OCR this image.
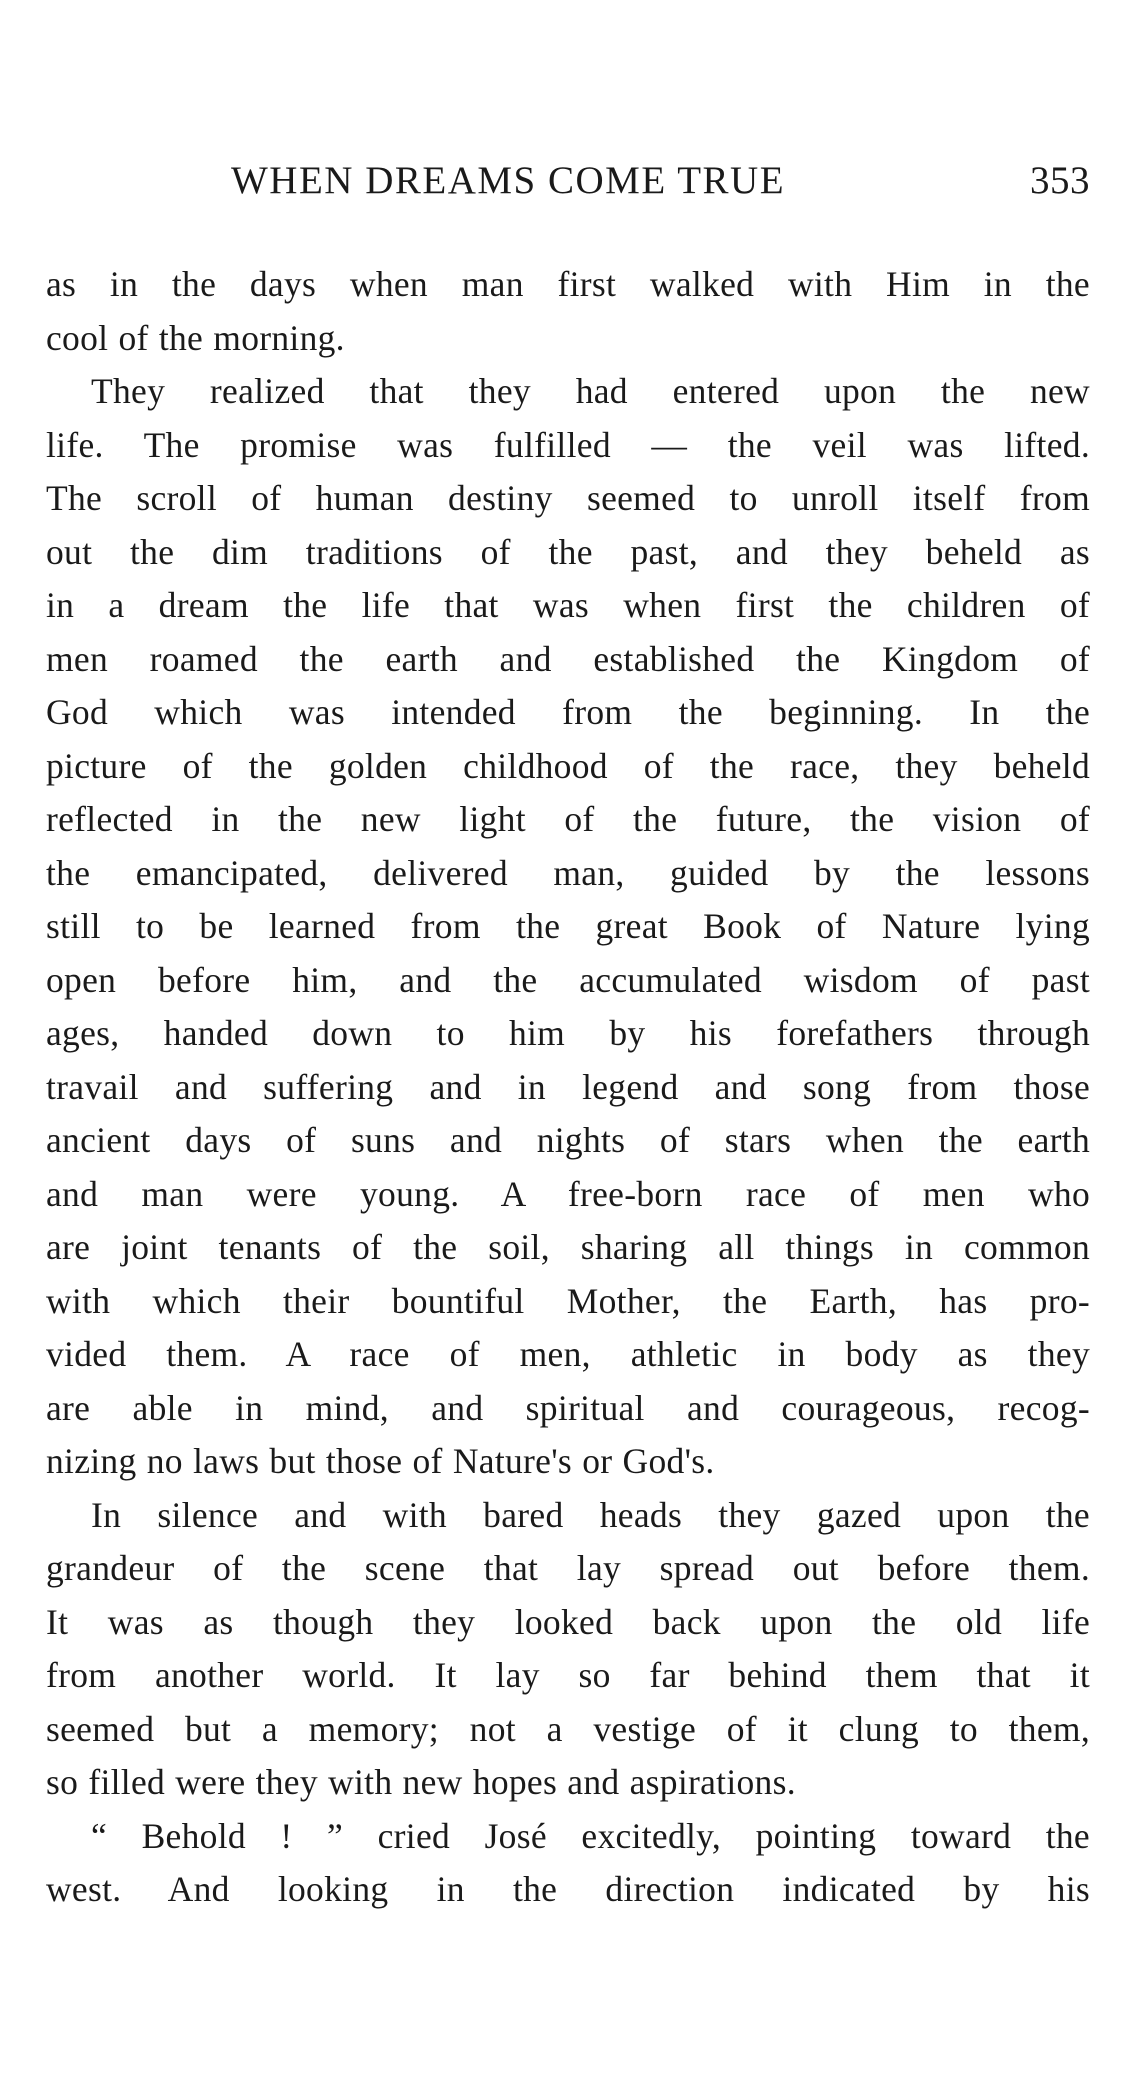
WHEN DREAMS COME TRUE	353
as in the days when man first walked with Him in the
cool of the morning.
They realized that they had entered upon the new
life. The promise was fulfilled — the veil was lifted.
The scroll of human destiny seemed to unroll itself from
out the dim traditions of the past, and they beheld as
in a dream the life that was when first the children of
men roamed the earth and established the Kingdom of
God which was intended from the beginning. In the
picture of the golden childhood of the race, they beheld
reflected in the new light of the future, the vision of
the emancipated, delivered man, guided by the lessons
still to be learned from the great Book of Nature lying
open before him, and the accumulated wisdom of past
ages, handed down to him by his forefathers through
travail and suffering and in legend and song from those
ancient days of suns and nights of stars when the earth
and man were young. A free-born race of men who
are joint tenants of the soil, sharing all things in common
with which their bountiful Mother, the Earth, has pro-
vided them. A race of men, athletic in body as they
are able in mind, and spiritual and courageous, recog-
nizing no laws but those of Nature's or God's.
In silence and with bared heads they gazed upon the
grandeur of the scene that lay spread out before them.
It was as though they looked back upon the old life
from another world. It lay so far behind them that it
seemed but a memory; not a vestige of it clung to them,
so filled were they with new hopes and aspirations.
“ Behold ! ” cried José excitedly, pointing toward the
west. And looking in the direction indicated by his
